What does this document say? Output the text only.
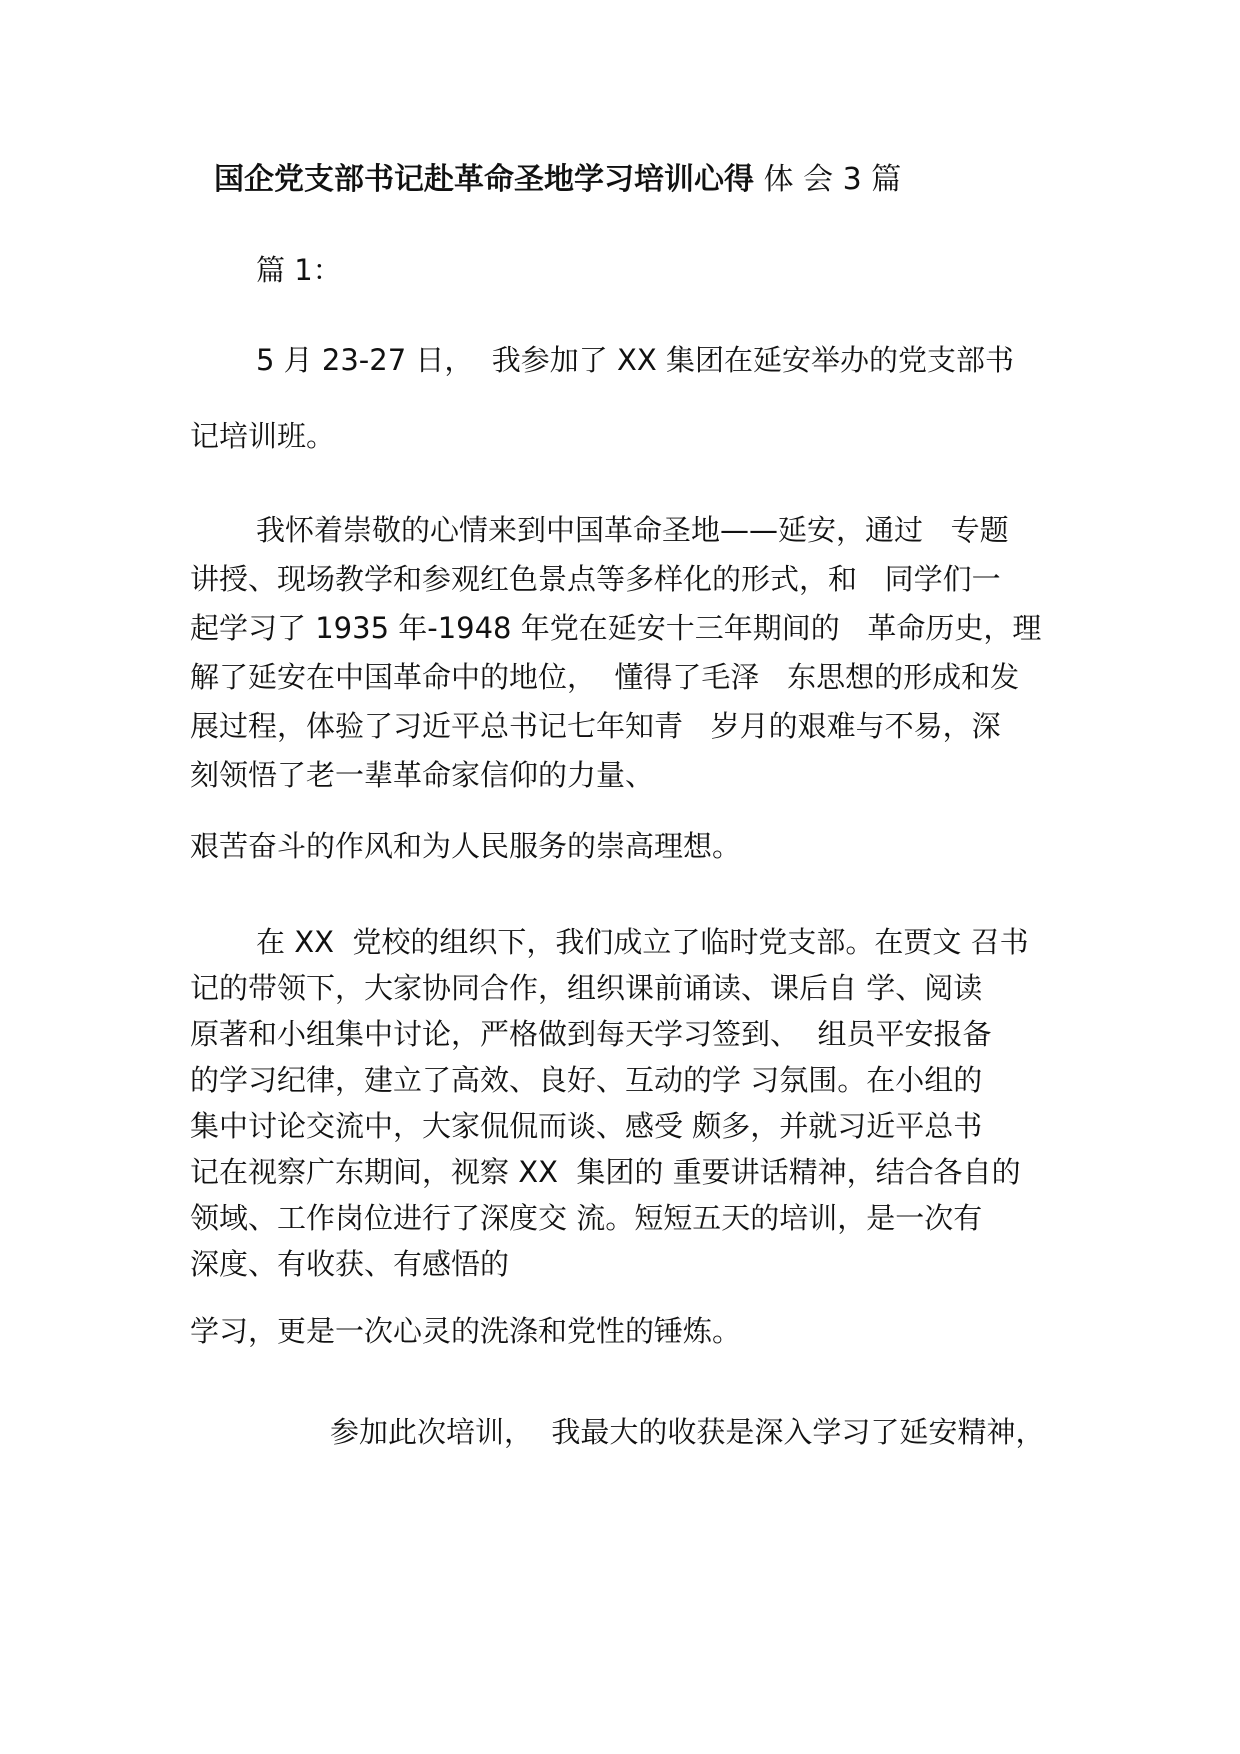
国企党支部书记赴革命圣地学习培训心得 体 会 3 篇
篇 1：
5 月 23-27 日，  我参加了 XX 集团在延安举办的党支部书
记培训班。
我怀着崇敬的心情来到中国革命圣地——延安，通过   专题
讲授、现场教学和参观红色景点等多样化的形式，和   同学们一
起学习了 1935 年-1948 年党在延安十三年期间的   革命历史，理
解了延安在中国革命中的地位，  懂得了毛泽   东思想的形成和发
展过程，体验了习近平总书记七年知青   岁月的艰难与不易，深
刻领悟了老一辈革命家信仰的力量、
艰苦奋斗的作风和为人民服务的崇高理想。
在 XX  党校的组织下，我们成立了临时党支部。在贾文 召书
记的带领下，大家协同合作，组织课前诵读、课后自 学、阅读
原著和小组集中讨论，严格做到每天学习签到、  组员平安报备
的学习纪律，建立了高效、良好、互动的学 习氛围。在小组的
集中讨论交流中，大家侃侃而谈、感受 颇多，并就习近平总书
记在视察广东期间，视察 XX  集团的 重要讲话精神，结合各自的
领域、工作岗位进行了深度交 流。短短五天的培训，是一次有
深度、有收获、有感悟的
学习，更是一次心灵的洗涤和党性的锤炼。
参加此次培训，  我最大的收获是深入学习了延安精神，
